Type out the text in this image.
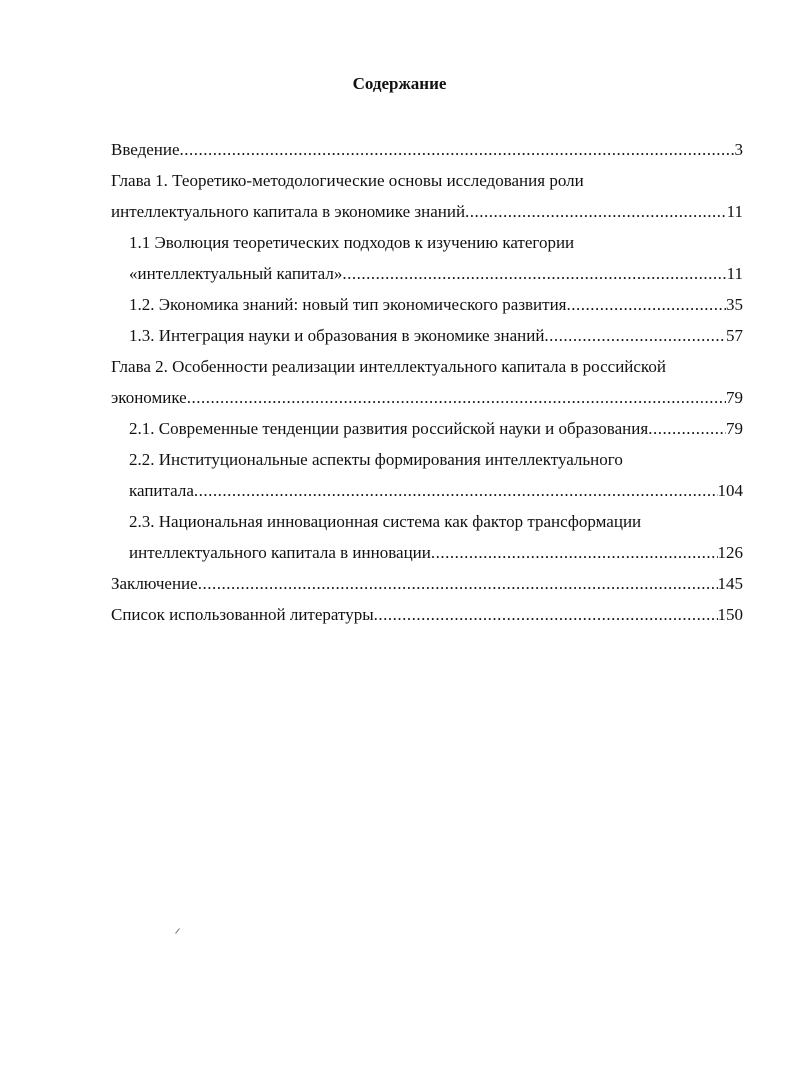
Содержание
Введение .....	3
Глава 1. Теоретико-методологические основы исследования роли
интеллектуального капитала в экономике знаний .....	11
1.1 Эволюция теоретических подходов к изучению категории
«интеллектуальный капитал» .....	11
1.2. Экономика знаний: новый тип экономического развития .....	35
1.3. Интеграция науки и образования в экономике знаний .....	57
Глава 2. Особенности реализации интеллектуального капитала в российской
экономике .....	79
2.1. Современные тенденции развития российской науки и образования .....	79
2.2. Институциональные аспекты формирования интеллектуального
капитала .....	104
2.3. Национальная инновационная система как фактор трансформации
интеллектуального капитала в инновации .....	126
Заключение .....	145
Список использованной литературы .....	150
